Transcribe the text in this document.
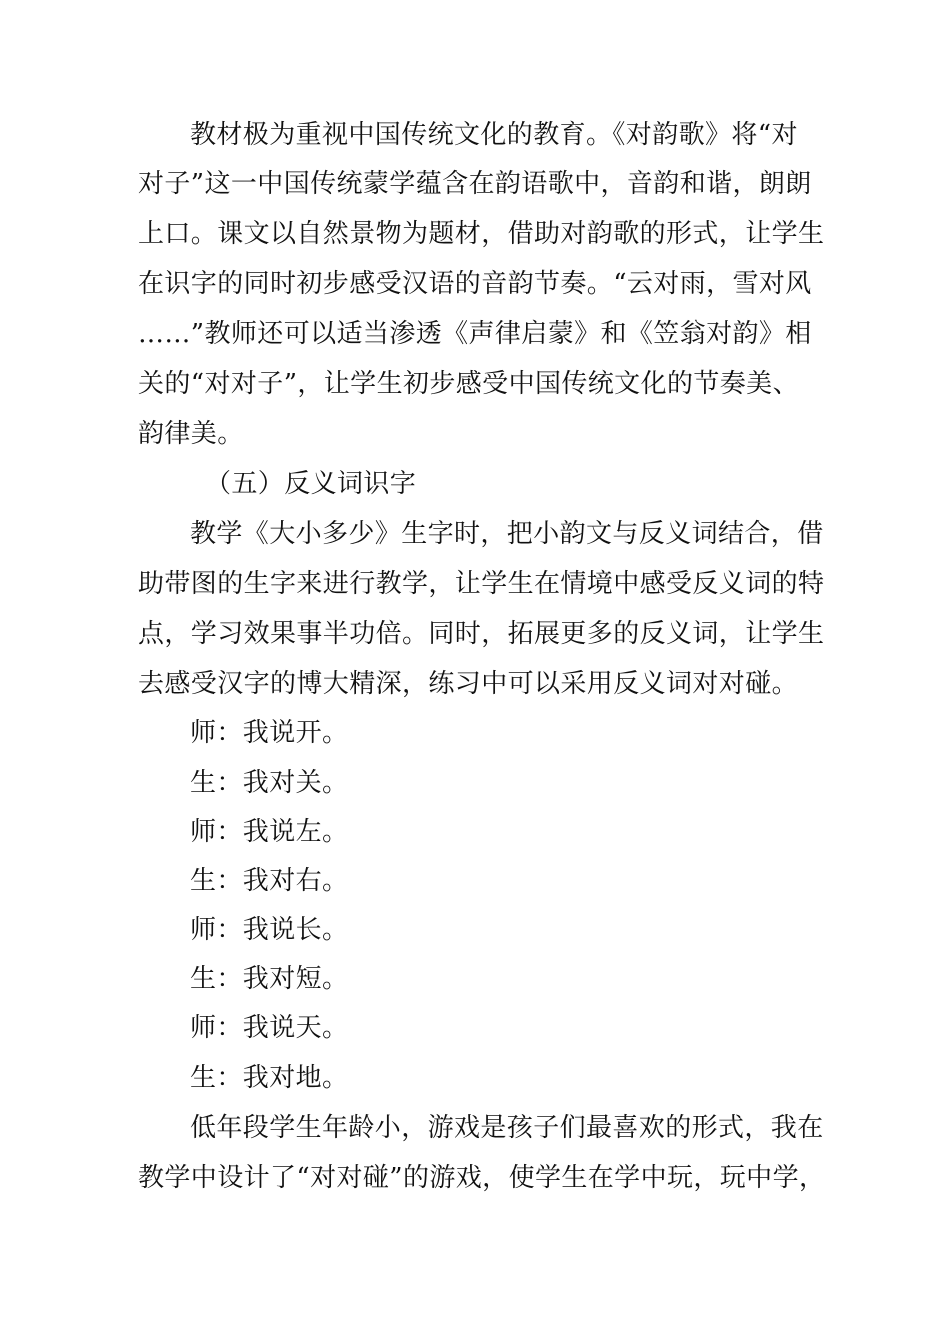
教材极为重视中国传统文化的教育。《对韵歌》将“对
对子”这一中国传统蒙学蕴含在韵语歌中，音韵和谐，朗朗
上口。课文以自然景物为题材，借助对韵歌的形式，让学生
在识字的同时初步感受汉语的音韵节奏。“云对雨，雪对风
……”教师还可以适当渗透《声律启蒙》和《笠翁对韵》相
关的“对对子”，让学生初步感受中国传统文化的节奏美、
韵律美。
（五）反义词识字
教学《大小多少》生字时，把小韵文与反义词结合，借
助带图的生字来进行教学，让学生在情境中感受反义词的特
点，学习效果事半功倍。同时，拓展更多的反义词，让学生
去感受汉字的博大精深，练习中可以采用反义词对对碰。
师：我说开。
生：我对关。
师：我说左。
生：我对右。
师：我说长。
生：我对短。
师：我说天。
生：我对地。
低年段学生年龄小，游戏是孩子们最喜欢的形式，我在
教学中设计了“对对碰”的游戏，使学生在学中玩，玩中学，
